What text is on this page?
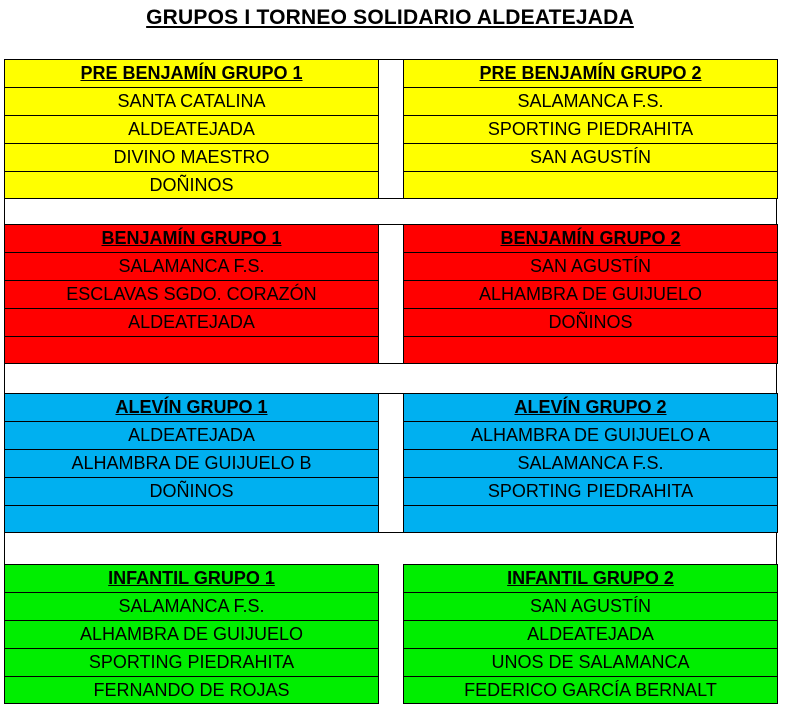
GRUPOS I TORNEO SOLIDARIO ALDEATEJADA
PRE BENJAMÍN GRUPO 1
SANTA CATALINA
ALDEATEJADA
DIVINO MAESTRO
DOÑINOS
PRE BENJAMÍN GRUPO 2
SALAMANCA F.S.
SPORTING PIEDRAHITA
SAN AGUSTÍN
BENJAMÍN GRUPO 1
SALAMANCA F.S.
ESCLAVAS SGDO. CORAZÓN
ALDEATEJADA
BENJAMÍN GRUPO 2
SAN AGUSTÍN
ALHAMBRA DE GUIJUELO
DOÑINOS
ALEVÍN GRUPO 1
ALDEATEJADA
ALHAMBRA DE GUIJUELO B
DOÑINOS
ALEVÍN GRUPO 2
ALHAMBRA DE GUIJUELO A
SALAMANCA F.S.
SPORTING PIEDRAHITA
INFANTIL GRUPO 1
SALAMANCA F.S.
ALHAMBRA DE GUIJUELO
SPORTING PIEDRAHITA
FERNANDO DE ROJAS
INFANTIL GRUPO 2
SAN AGUSTÍN
ALDEATEJADA
UNOS DE SALAMANCA
FEDERICO GARCÍA BERNALT
